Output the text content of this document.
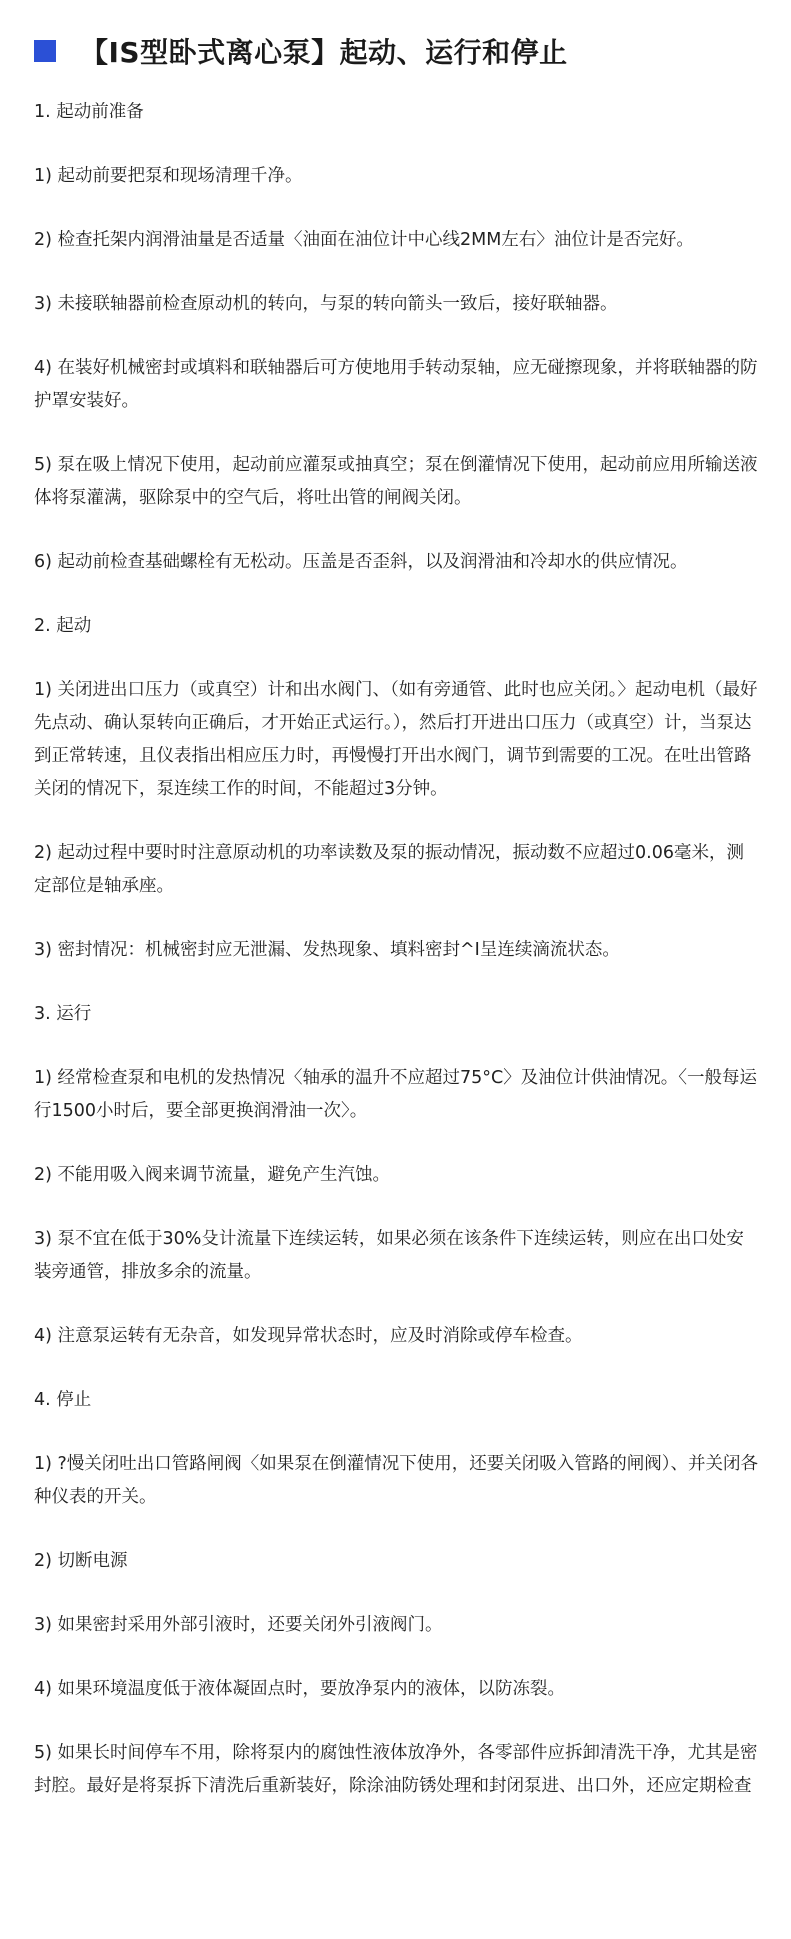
【IS型卧式离心泵】起动、运行和停止

1. 起动前准备

1) 起动前要把泵和现场清理千净。

2) 检查托架内润滑油量是否适量〈油面在油位计中心线2MM左右〉油位计是否完好。

3) 未接联轴器前检查原动机的转向，与泵的转向箭头一致后，接好联轴器。

4) 在装好机械密封或填料和联轴器后可方使地用手转动泵轴，应无碰擦现象，并将联轴器的防护罩安装好。

5) 泵在吸上情况下使用，起动前应灌泵或抽真空；泵在倒灌情况下使用，起动前应用所输送液体将泵灌满，驱除泵中的空气后，将吐出管的闸阀关闭。

6) 起动前检查基础螺栓有无松动。压盖是否歪斜，以及润滑油和冷却水的供应情况。

2. 起动

1) 关闭进出口压力（或真空）计和出水阀门、（如有旁通管、此时也应关闭。〉起动电机（最好先点动、确认泵转向正确后，才开始正式运行。），然后打开进出口压力（或真空）计，当泵达到正常转速，且仪表指出相应压力时，再慢慢打开出水阀门，调节到需要的工况。在吐出管路关闭的情况下，泵连续工作的时间，不能超过3分钟。

2) 起动过程中要时时注意原动机的功率读数及泵的振动情况，振动数不应超过0.06毫米，测定部位是轴承座。

3) 密封情况：机械密封应无泄漏、发热现象、填料密封^I呈连续滴流状态。

3. 运行

1) 经常检查泵和电机的发热情况〈轴承的温升不应超过75°C〉及油位计供油情况。〈一般每运行1500小时后，要全部更换润滑油一次〉。

2) 不能用吸入阀来调节流量，避免产生汽蚀。

3) 泵不宜在低于30%殳计流量下连续运转，如果必须在该条件下连续运转，则应在出口处安装旁通管，排放多余的流量。

4) 注意泵运转有无杂音，如发现异常状态时，应及时消除或停车检查。

4. 停止

1) ?慢关闭吐出口管路闸阀〈如果泵在倒灌情况下使用，还要关闭吸入管路的闸阀）、并关闭各种仪表的开关。

2) 切断电源

3) 如果密封采用外部引液时，还要关闭外引液阀门。

4) 如果环境温度低于液体凝固点时，要放净泵内的液体，以防冻裂。

5) 如果长时间停车不用，除将泵内的腐蚀性液体放净外，各零部件应拆卸清洗干净，尤其是密封腔。最好是将泵拆下清洗后重新装好，除涂油防锈处理和封闭泵进、出口外，还应定期检查
